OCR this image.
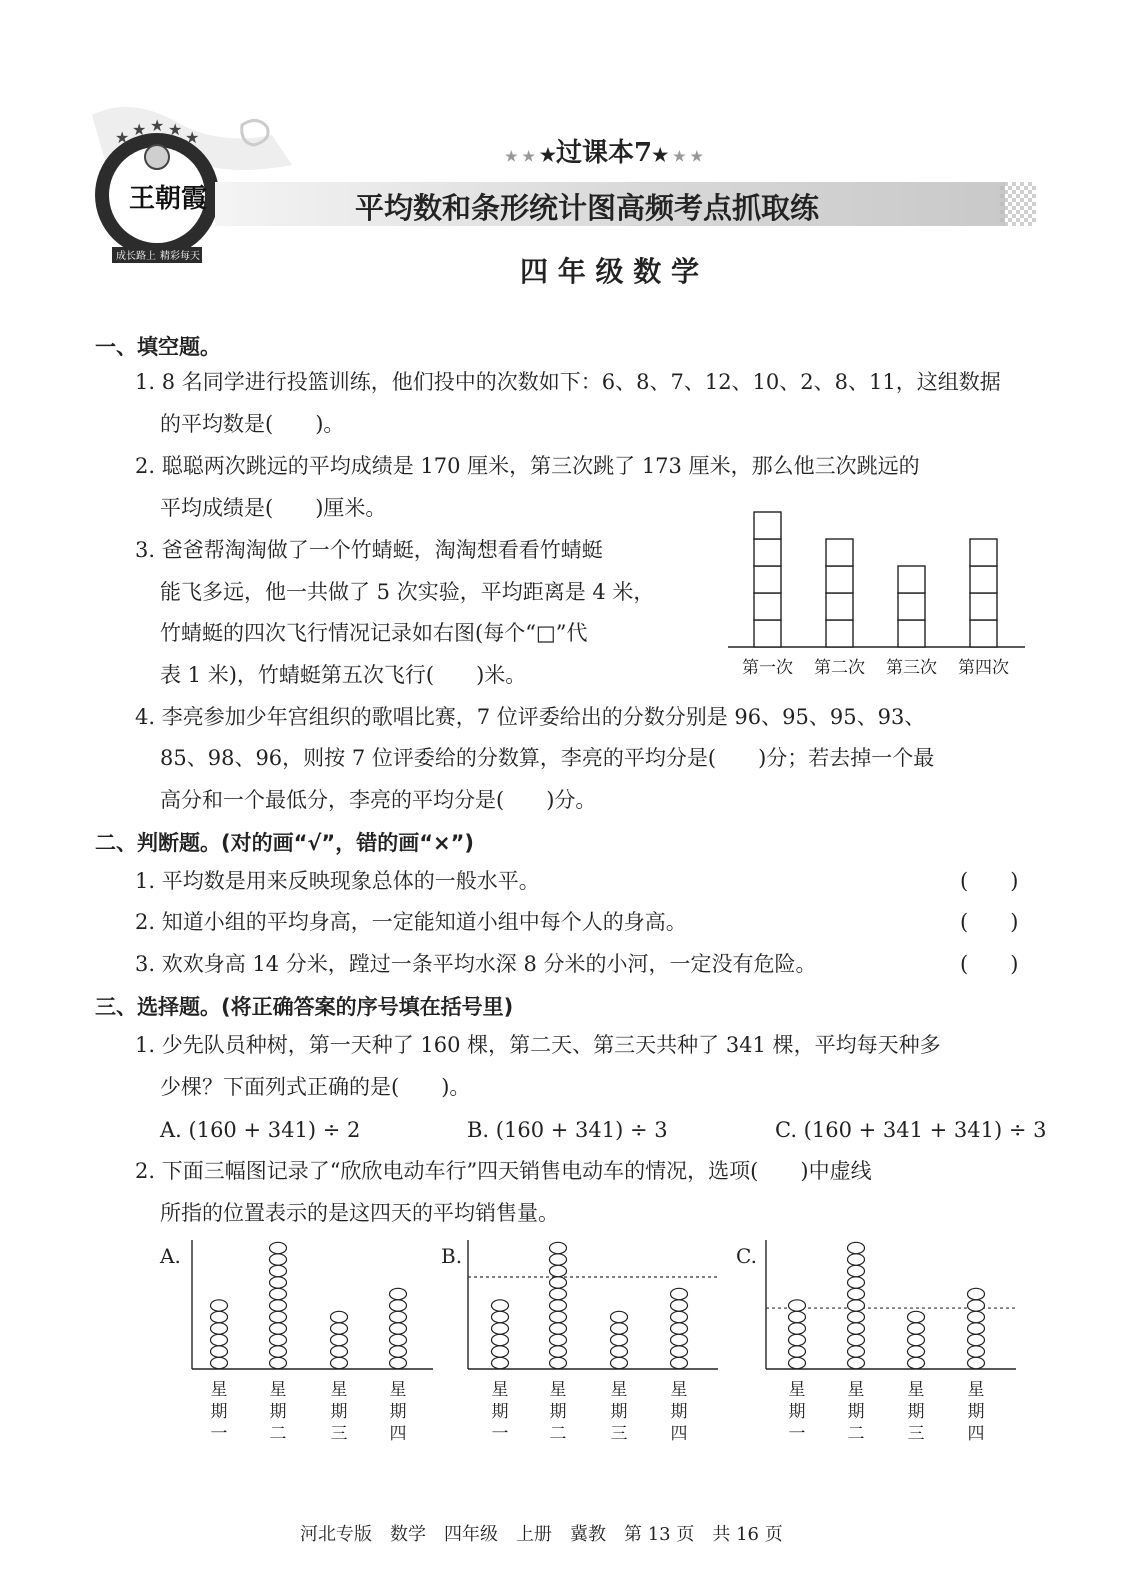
★ ★ ★ ★ ★
王朝霞
成长路上 精彩每天
★ ★ ★过课本7★ ★ ★
平均数和条形统计图高频考点抓取练
四 年 级 数 学
一、填空题。
1. 8 名同学进行投篮训练，他们投中的次数如下：6、8、7、12、10、2、8、11，这组数据
的平均数是(　　)。
2. 聪聪两次跳远的平均成绩是 170 厘米，第三次跳了 173 厘米，那么他三次跳远的
平均成绩是(　　)厘米。
3. 爸爸帮淘淘做了一个竹蜻蜓，淘淘想看看竹蜻蜓
能飞多远，他一共做了 5 次实验，平均距离是 4 米，
竹蜻蜓的四次飞行情况记录如右图(每个“□”代
表 1 米)，竹蜻蜓第五次飞行(　　)米。	第一次 第二次 第三次 第四次
4. 李亮参加少年宫组织的歌唱比赛，7 位评委给出的分数分别是 96、95、95、93、
85、98、96，则按 7 位评委给的分数算，李亮的平均分是(　　)分；若去掉一个最
高分和一个最低分，李亮的平均分是(　　)分。
二、判断题。(对的画“√”，错的画“×”)
1. 平均数是用来反映现象总体的一般水平。	(　　)
2. 知道小组的平均身高，一定能知道小组中每个人的身高。	(　　)
3. 欢欢身高 14 分米，蹚过一条平均水深 8 分米的小河，一定没有危险。	(　　)
三、选择题。(将正确答案的序号填在括号里)
1. 少先队员种树，第一天种了 160 棵，第二天、第三天共种了 341 棵，平均每天种多
少棵？下面列式正确的是(　　)。
A. (160 + 341) ÷ 2	B. (160 + 341) ÷ 3	C. (160 + 341 + 341) ÷ 3
2. 下面三幅图记录了“欣欣电动车行”四天销售电动车的情况，选项(　　)中虚线
所指的位置表示的是这四天的平均销售量。
A.
星
期
一
星
期
二
星
期
三
星
期
四
B.
星
期
一
星
期
二
星
期
三
星
期
四
C.
星
期
一
星
期
二
星
期
三
星
期
四
河北专版　数学　四年级　上册　冀教　第 13 页　共 16 页
